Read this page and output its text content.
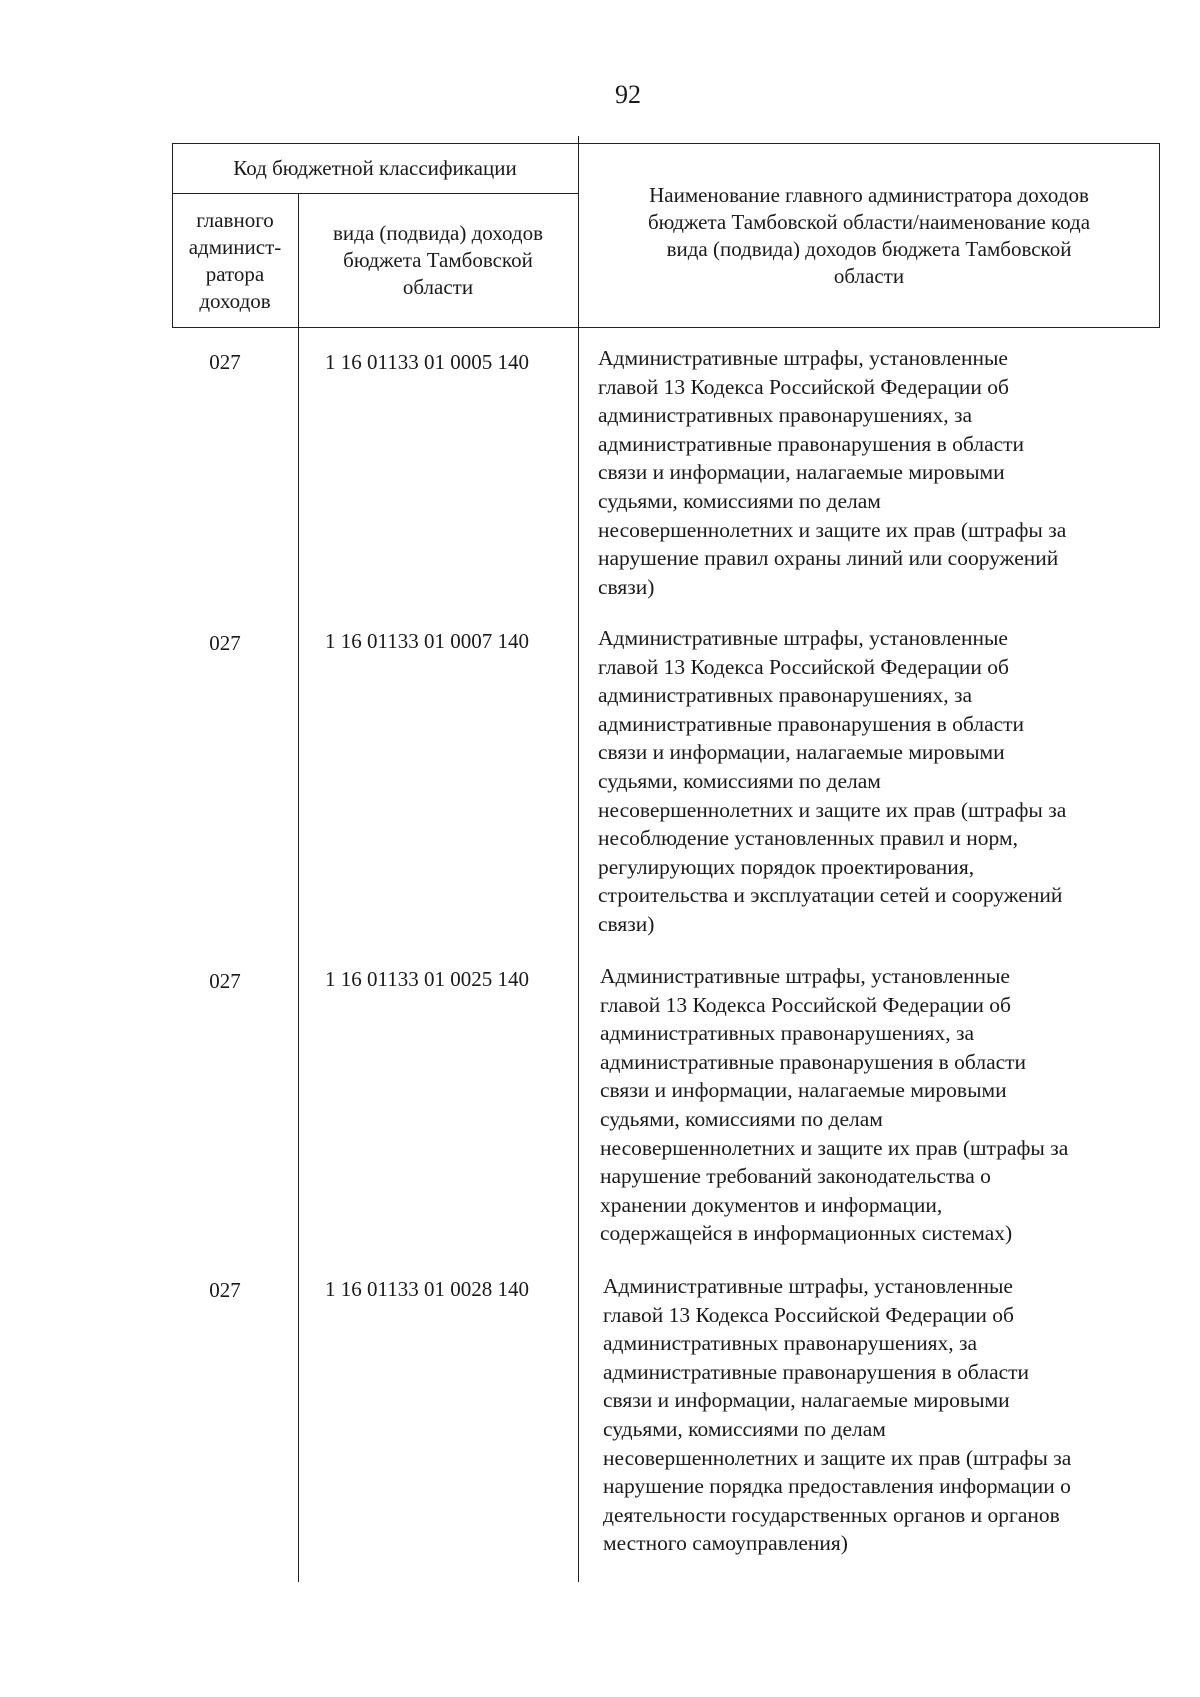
92
Код бюджетной классификации
главного админист-ратора доходов
вида (подвида) доходов бюджета Тамбовской области
Наименование главного администратора доходов бюджета Тамбовской области/наименование кода вида (подвида) доходов бюджета Тамбовской области
027	1 16 01133 01 0005 140	Административные штрафы, установленные
главой 13 Кодекса Российской Федерации об
административных правонарушениях, за
административные правонарушения в области
связи и информации, налагаемые мировыми
судьями, комиссиями по делам
несовершеннолетних и защите их прав (штрафы за
нарушение правил охраны линий или сооружений
связи)
027	1 16 01133 01 0007 140	Административные штрафы, установленные
главой 13 Кодекса Российской Федерации об
административных правонарушениях, за
административные правонарушения в области
связи и информации, налагаемые мировыми
судьями, комиссиями по делам
несовершеннолетних и защите их прав (штрафы за
несоблюдение установленных правил и норм,
регулирующих порядок проектирования,
строительства и эксплуатации сетей и сооружений
связи)
027	1 16 01133 01 0025 140	Административные штрафы, установленные
главой 13 Кодекса Российской Федерации об
административных правонарушениях, за
административные правонарушения в области
связи и информации, налагаемые мировыми
судьями, комиссиями по делам
несовершеннолетних и защите их прав (штрафы за
нарушение требований законодательства о
хранении документов и информации,
содержащейся в информационных системах)
027	1 16 01133 01 0028 140	Административные штрафы, установленные
главой 13 Кодекса Российской Федерации об
административных правонарушениях, за
административные правонарушения в области
связи и информации, налагаемые мировыми
судьями, комиссиями по делам
несовершеннолетних и защите их прав (штрафы за
нарушение порядка предоставления информации о
деятельности государственных органов и органов
местного самоуправления)
